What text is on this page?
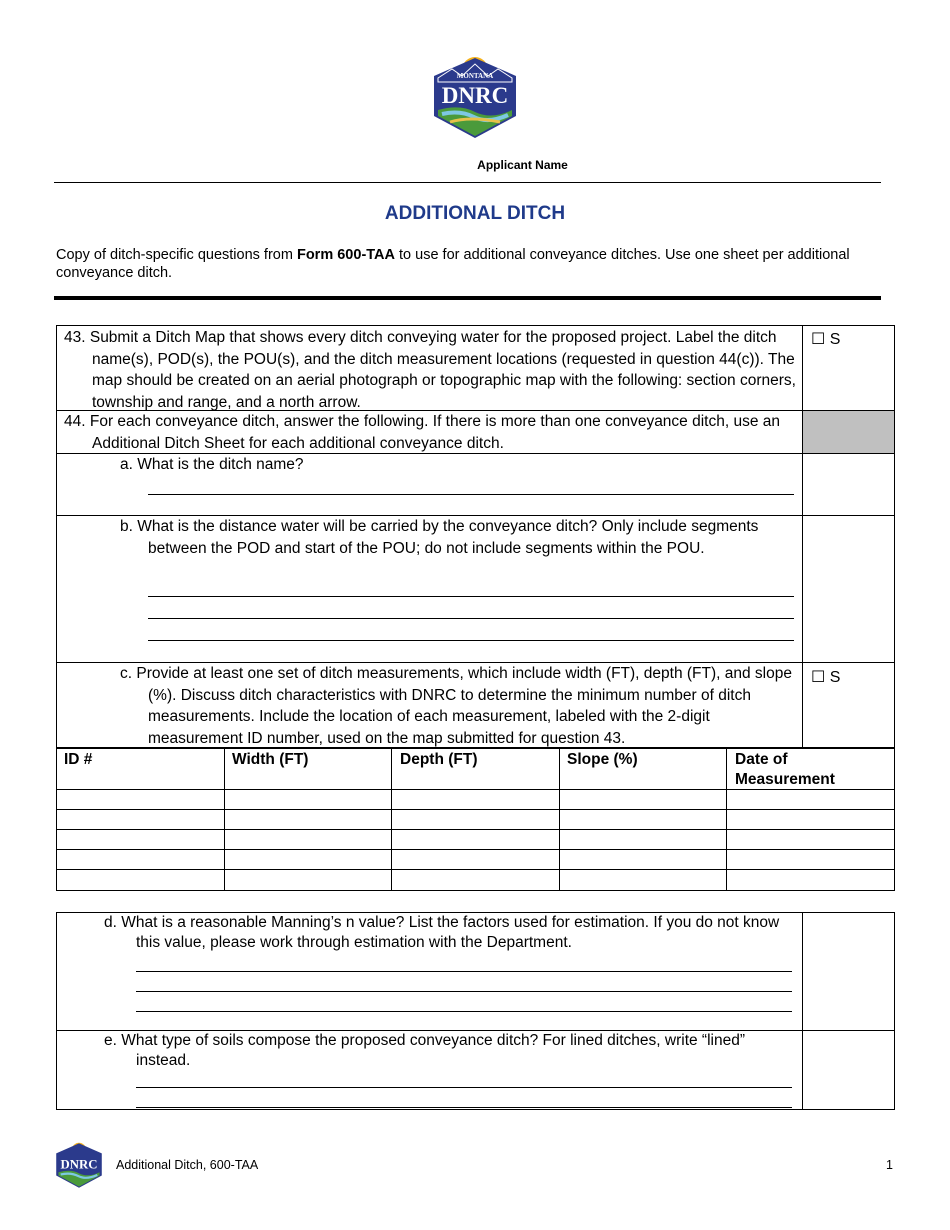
MONTANA
DNRC
Applicant Name
ADDITIONAL DITCH
Copy of ditch-specific questions from Form 600-TAA to use for additional conveyance ditches. Use one sheet per additional conveyance ditch.
43. Submit a Ditch Map that shows every ditch conveying water for the proposed project. Label the ditch name(s), POD(s), the POU(s), and the ditch measurement locations (requested in question 44(c)). The map should be created on an aerial photograph or topographic map with the following: section corners, township and range, and a north arrow.
☐ S
44. For each conveyance ditch, answer the following. If there is more than one conveyance ditch, use an Additional Ditch Sheet for each additional conveyance ditch.
a. What is the ditch name?
b. What is the distance water will be carried by the conveyance ditch? Only include segments between the POD and start of the POU; do not include segments within the POU.
c. Provide at least one set of ditch measurements, which include width (FT), depth (FT), and slope (%). Discuss ditch characteristics with DNRC to determine the minimum number of ditch measurements. Include the location of each measurement, labeled with the 2-digit measurement ID number, used on the map submitted for question 43.
☐ S
ID #	Width (FT)	Depth (FT)	Slope (%)	Date of Measurement
d. What is a reasonable Manning’s n value? List the factors used for estimation. If you do not know this value, please work through estimation with the Department.
e. What type of soils compose the proposed conveyance ditch? For lined ditches, write “lined” instead.
DNRC Additional Ditch, 600-TAA	1
